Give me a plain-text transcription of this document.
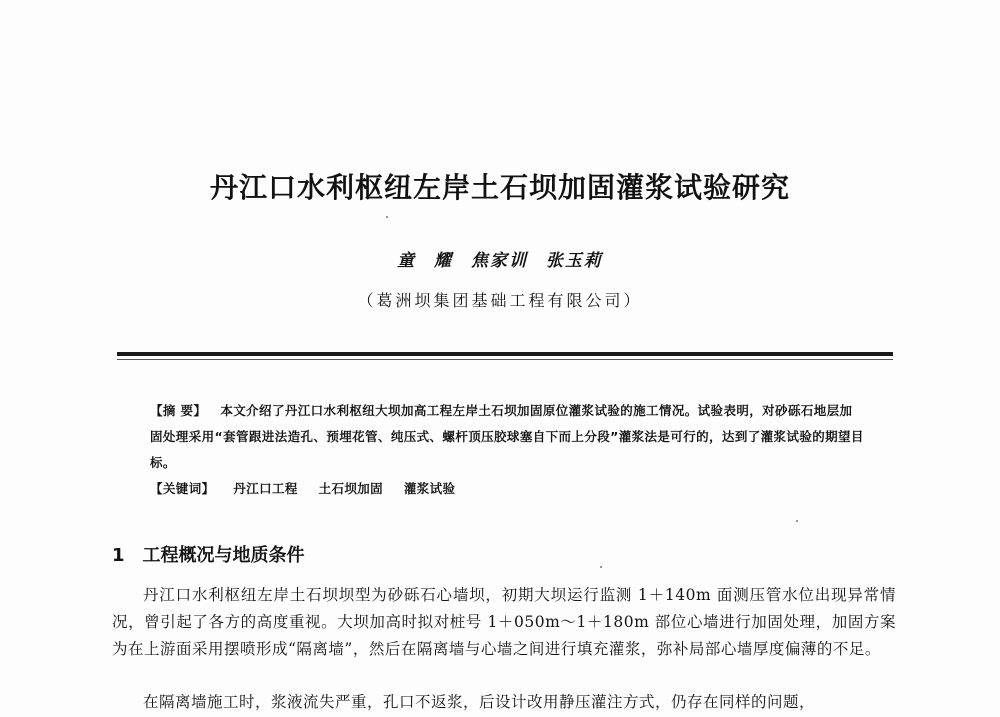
丹江口水利枢纽左岸土石坝加固灌浆试验研究
童 耀 焦家训 张玉莉
（葛洲坝集团基础工程有限公司）
【摘 要】 本文介绍了丹江口水利枢纽大坝加高工程左岸土石坝加固原位灌浆试验的施工情况。试验表明，对砂砾石地层加固处理采用“套管跟进法造孔、预埋花管、纯压式、螺杆顶压胶球塞自下而上分段”灌浆法是可行的，达到了灌浆试验的期望目标。
【关键词】 丹江口工程 土石坝加固 灌浆试验
1 工程概况与地质条件
丹江口水利枢纽左岸土石坝坝型为砂砾石心墙坝，初期大坝运行监测 1＋140m 面测压管水位出现异常情况，曾引起了各方的高度重视。大坝加高时拟对桩号 1＋050m～1＋180m 部位心墙进行加固处理，加固方案为在上游面采用摆喷形成“隔离墙”，然后在隔离墙与心墙之间进行填充灌浆，弥补局部心墙厚度偏薄的不足。
在隔离墙施工时，浆液流失严重，孔口不返浆，后设计改用静压灌注方式，仍存在同样的问题，
